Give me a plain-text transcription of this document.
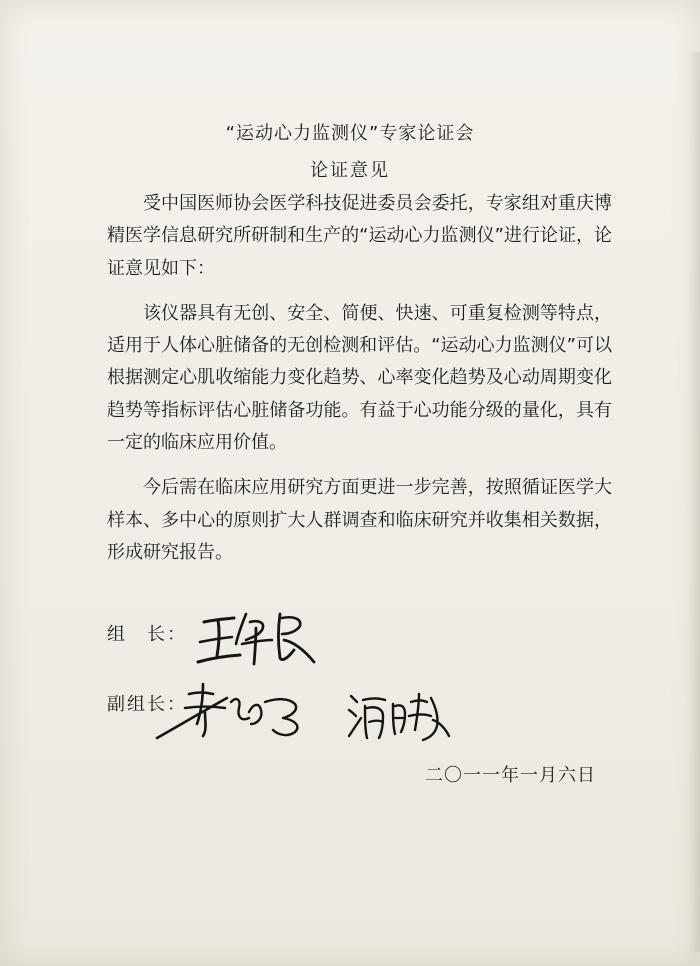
“运动心力监测仪”专家论证会
论证意见

受中国医师协会医学科技促进委员会委托，专家组对重庆博精医学信息研究所研制和生产的“运动心力监测仪”进行论证，论证意见如下：

该仪器具有无创、安全、简便、快速、可重复检测等特点，适用于人体心脏储备的无创检测和评估。“运动心力监测仪”可以根据测定心肌收缩能力变化趋势、心率变化趋势及心动周期变化趋势等指标评估心脏储备功能。有益于心功能分级的量化，具有一定的临床应用价值。

今后需在临床应用研究方面更进一步完善，按照循证医学大样本、多中心的原则扩大人群调查和临床研究并收集相关数据，形成研究报告。

组　长：
副组长：
二〇一一年一月六日
